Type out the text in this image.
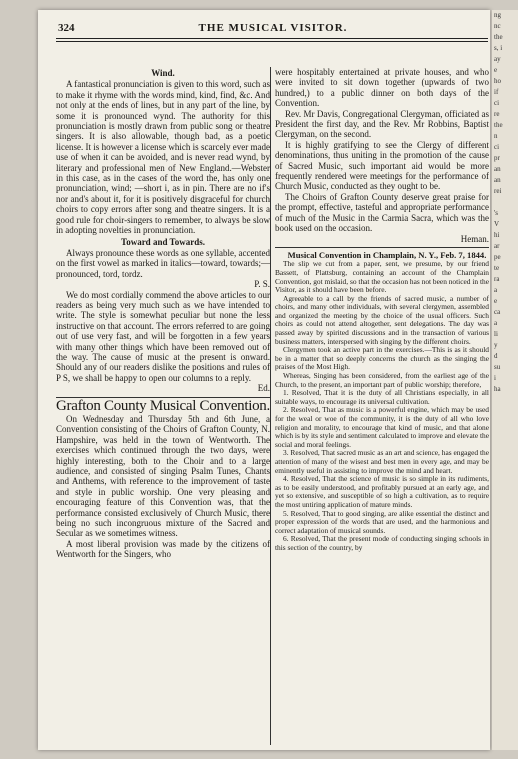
324	THE MUSICAL VISITOR.
Wind.

A fantastical pronunciation is given to this word, such as to make it rhyme with the words mind, kind, find, &c. And not only at the ends of lines, but in any part of the line, by some it is pronounced wynd. The authority for this pronunciation is mostly drawn from public song or theatre singers. It is also allowable, though bad, as a poetic license. It is however a license which is scarcely ever made use of when it can be avoided, and is never read wynd, by literary and professional men of New England.—Webster in this case, as in the cases of the word the, has only one pronunciation, wind; —short i, as in pin. There are no if's nor and's about it, for it is positively disgraceful for church choirs to copy errors after song and theatre singers. It is a good rule for choir-singers to remember, to always be slow in adopting novelties in pronunciation.

Toward and Towards.

Always pronounce these words as one syllable, accented on the first vowel as marked in italics—toward, towards;—pronounced, tord, tordz.

P. S.

We do most cordially commend the above articles to our readers as being very much such as we have intended to write. The style is somewhat peculiar but none the less instructive on that account. The errors referred to are going out of use very fast, and will be forgotten in a few years with many other things which have been removed out of the way. The cause of music at the present is onward. Should any of our readers dislike the positions and rules of P S, we shall be happy to open our columns to a reply.

Ed.

Grafton County Musical Convention.

On Wednesday and Thursday 5th and 6th June, a Convention consisting of the Choirs of Grafton County, N. Hampshire, was held in the town of Wentworth. The exercises which continued through the two days, were highly interesting, both to the Choir and to a large audience, and consisted of singing Psalm Tunes, Chants and Anthems, with reference to the improvement of taste and style in public worship. One very pleasing and encouraging feature of this Convention was, that the performance consisted exclusively of Church Music, there being no such incongruous mixture of the Sacred and Secular as we sometimes witness.

A most liberal provision was made by the citizens of Wentworth for the Singers, who

were hospitably entertained at private houses, and who were invited to sit down together (upwards of two hundred,) to a public dinner on both days of the Convention.

Rev. Mr Davis, Congregational Clergyman, officiated as President the first day, and the Rev. Mr Robbins, Baptist Clergyman, on the second.

It is highly gratifying to see the Clergy of different denominations, thus uniting in the promotion of the cause of Sacred Music, such important aid would be more frequently rendered were meetings for the performance of Church Music, conducted as they ought to be.

The Choirs of Grafton County deserve great praise for the prompt, effective, tasteful and appropriate performance of much of the Music in the Carmia Sacra, which was the book used on the occasion.

Heman.

Musical Convention in Champlain, N. Y., Feb. 7, 1844.

The slip we cut from a paper, sent, we presume, by our friend Bassett, of Plattsburg, containing an account of the Champlain Convention, got mislaid, so that the occasion has not been noticed in the Visitor, as it should have been before.

Agreeable to a call by the friends of sacred music, a number of choirs, and many other individuals, with several clergymen, assembled and organized the meeting by the choice of the usual officers. Such choirs as could not attend altogether, sent delegations. The day was passed away by spirited discussions and in the transaction of various business matters, interspersed with singing by the different choirs.

Clergymen took an active part in the exercises.—This is as it should be in a matter that so deeply concerns the church as the singing the praises of the Most High.

Whereas, Singing has been considered, from the earliest age of the Church, to the present, an important part of public worship; therefore,

1. Resolved, That it is the duty of all Christians especially, in all suitable ways, to encourage its universal cultivation.

2. Resolved, That as music is a powerful engine, which may be used for the weal or woe of the community, it is the duty of all who love religion and morality, to encourage that kind of music, and that alone which is by its style and sentiment calculated to improve and elevate the social and moral feelings.

3. Resolved, That sacred music as an art and science, has engaged the attention of many of the wisest and best men in every age, and may be eminently useful in assisting to improve the mind and heart.

4. Resolved, That the science of music is so simple in its rudiments, as to be easily understood, and profitably pursued at an early age, and yet so extensive, and susceptible of so high a cultivation, as to require the most untiring application of mature minds.

5. Resolved, That to good singing, are alike essential the distinct and proper expression of the words that are used, and the harmonious and correct adaptation of musical sounds.

6. Resolved, That the present mode of conducting singing schools in this section of the country, by

ng
nc
the
s, i
ay
e
ho
if
ci
re
the
n
ci
pr
an
an
rei

's
V
hi
ar
pe
te
ra
a
e
ca
a
li
y
d
su
i
ha
